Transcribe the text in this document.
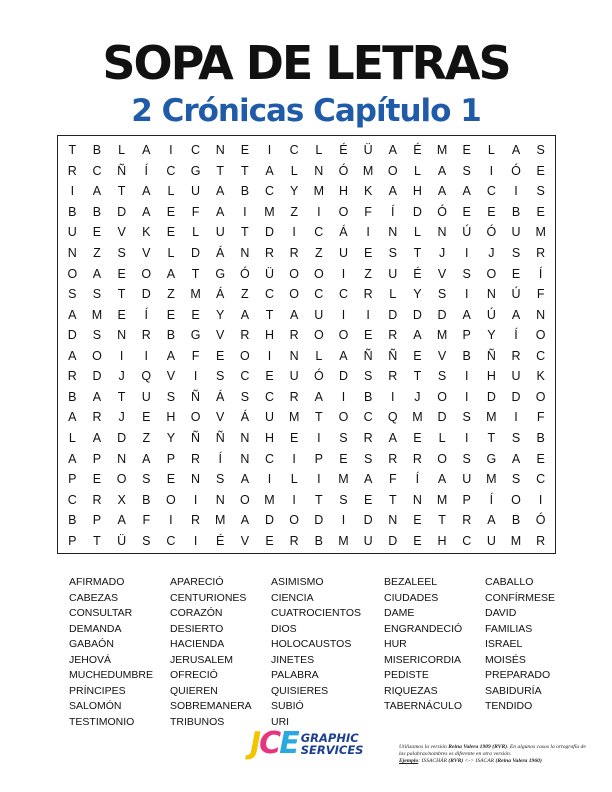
SOPA DE LETRAS
2 Crónicas Capítulo 1
T	B	L	A	I	C	N	E	I	C	L	É	Ü	A	É	M	E	L	A	S
R	C	Ñ	Í	C	G	T	T	A	L	N	Ó	M	O	L	A	S	I	Ó	E
I	A	T	A	L	U	A	B	C	Y	M	H	K	A	H	A	A	C	I	S
B	B	D	A	E	F	A	I	M	Z	I	O	F	Í	D	Ó	E	E	B	E
U	E	V	K	E	L	U	T	D	I	C	Á	I	N	L	N	Ú	Ó	U	M
N	Z	S	V	L	D	Á	N	R	R	Z	U	E	S	T	J	I	J	S	R
O	A	E	O	A	T	G	Ó	Ü	O	O	I	Z	U	É	V	S	O	E	Í
S	S	T	D	Z	M	Á	Z	C	O	C	C	R	L	Y	S	I	N	Ú	F
A	M	E	Í	E	E	Y	A	T	A	U	I	I	D	D	D	A	Ú	A	N
D	S	N	R	B	G	V	R	H	R	O	O	E	R	A	M	P	Y	Í	O
A	O	I	I	A	F	E	O	I	N	L	A	Ñ	Ñ	E	V	B	Ñ	R	C
R	D	J	Q	V	I	S	C	E	U	Ó	D	S	R	T	S	I	H	U	K
B	A	T	U	S	Ñ	Á	S	C	R	A	I	B	I	J	O	I	D	D	O
A	R	J	E	H	O	V	Á	U	M	T	O	C	Q	M	D	S	M	I	F
L	A	D	Z	Y	Ñ	Ñ	N	H	E	I	S	R	A	E	L	I	T	S	B
A	P	N	A	P	R	Í	N	C	I	P	E	S	R	R	O	S	G	A	E
P	E	O	S	E	N	S	A	I	L	I	M	A	F	Í	A	U	M	S	C
C	R	X	B	O	I	N	O	M	I	T	S	E	T	N	M	P	Í	O	I
B	P	A	F	I	R	M	A	D	O	D	I	D	N	E	T	R	A	B	Ó
P	T	Ü	S	C	I	É	V	E	R	B	M	U	D	E	H	C	U	M	R
AFIRMADO	APARECIÓ	ASIMISMO	BEZALEEL	CABALLO
CABEZAS	CENTURIONES	CIENCIA	CIUDADES	CONFÍRMESE
CONSULTAR	CORAZÓN	CUATROCIENTOS	DAME	DAVID
DEMANDA	DESIERTO	DIOS	ENGRANDECIÓ	FAMILIAS
GABAÓN	HACIENDA	HOLOCAUSTOS	HUR	ISRAEL
JEHOVÁ	JERUSALEM	JINETES	MISERICORDIA	MOISÉS
MUCHEDUMBRE	OFRECIÓ	PALABRA	PEDISTE	PREPARADO
PRÍNCIPES	QUIEREN	QUISIERES	RIQUEZAS	SABIDURÍA
SALOMÓN	SOBREMANERA	SUBIÓ	TABERNÁCULO	TENDIDO
TESTIMONIO	TRIBUNOS	URI
JCE GRAPHIC
SERVICES	Utilizamos la versión Reina Valera 1909 (RVR). En algunos casos la ortografía de las palabras/nombres es diferente en otra versión.
Ejemplo: ISSACHÁR (RVR) <-> ISACAR (Reina Valera 1960)
